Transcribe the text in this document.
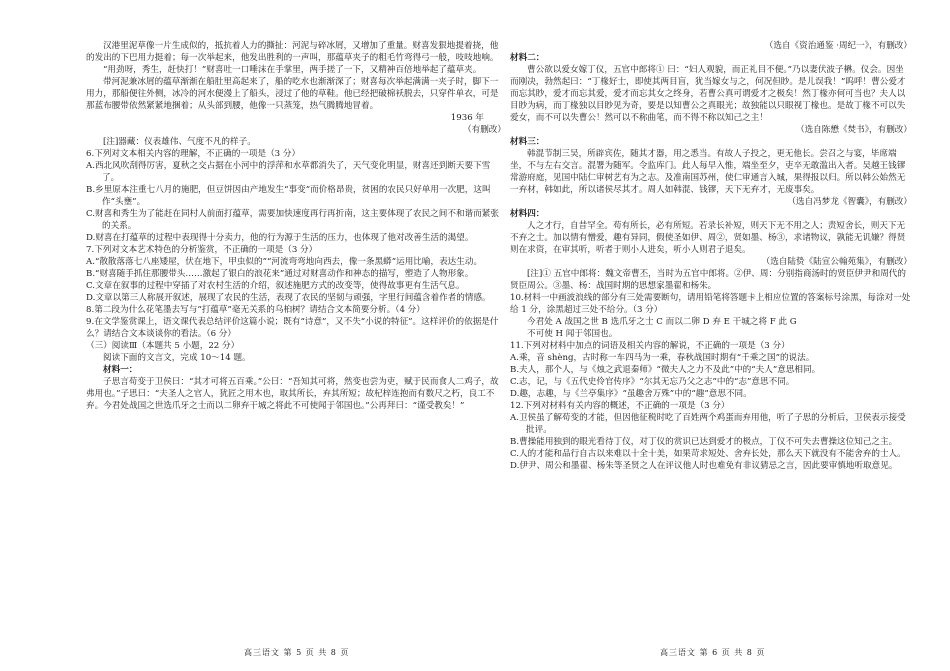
汉港里泥草像一片生成似的，抵抗着人力的撕扯：河泥与碎冰屑，又增加了重量。财喜发狠地提着挠，他的发出的下巴用力挺着；每一次举起来，他发出胜利的一声叫，那蕴草夹子的粗毛竹弯得弓一般，吱吱地响。

“用劲呀，秀生，赶快打！”财喜吐一口唾沫在手掌里，两手搓了一下，又精神百倍地举起了蕴草夹。

带河泥兼冰屑的蕴草渐渐在船肚里高起来了，船的吃水也渐渐深了；财喜每次举起满满一夹子时，脚下一用力，那船便往外侧，冰冷的河水便漫上了船头，浸过了他的草鞋。他已经把破棉袄脱去，只穿件单衣，可是那蓝布腰带依然紧紧地捆着；从头部到腰，他像一只蒸笼，热气腾腾地冒着。

1936 年

（有删改）

[注]器藏：仪表雄伟、气度不凡的样子。

6.下列对文本相关内容的理解，不正确的一项是（3 分）

A.西北风吹刮得厉害，夏秋之交占据在小河中的浮萍和水草都消失了，天气变化明显，财喜还到断天要下雪了。

B.乡里原本注重七八月的施肥，但豆饼因由产地发生“事变”而价格昂贵，贫困的农民只好单用一次肥，这叫作“头壅”。

C.财喜和秀生为了能赶在同村人前面打蕴草，需要加快速度再行再折南，这主要体现了农民之间不和谐而紧张的关系。

D.财喜在打蕴草的过程中表现得十分卖力，他的行为源于生活的压力，也体现了他对改善生活的渴望。

7.下列对文本艺术特色的分析鉴赏，不正确的一项是（3 分）

A.“散散落落七八座矮屋，伏在地下，甲虫似的”“河流弯弯地向西去，像一条黑蟒”运用比喻，表达生动。

B.“财喜随手抓住那腰带头……激起了银白的浪花来”通过对财喜动作和神态的描写，塑造了人物形象。

C.文章在叙事的过程中穿插了对农村生活的介绍，叙述施肥方式的改变等，使得故事更有生活气息。

D.文章以第三人称展开叙述，展现了农民的生活，表现了农民的坚韧与顽强，字里行间蕴含着作者的情感。

8.第二段为什么花笔墨去写与“打蕴草”毫无关系的乌桕树？请结合文本简要分析。（4 分）

9.在文学鉴赏课上，语文课代表总结评价这篇小说；既有“诗意”，又不失“小说的特征”。这样评价的依据是什么？请结合文本谈谈你的看法。（6 分）

（三）阅读Ⅲ（本题共 5 小题，22 分）

阅读下面的文言文，完成 10～14 题。

材料一：

子思言苟变于卫侯曰：“其才可将五百乘。”公曰：“吾知其可将，然变也尝为吏，赋于民而食人二鸡子，故弗用也。”子思曰：“夫圣人之官人，犹匠之用木也，取其所长，弃其所短；故杞梓连抱而有数尺之朽，良工不弃。今君处战国之世选爪牙之士而以二卵弃干城之将此不可使闻于邻国也。”公再拜曰：“谨受教矣！”

高三语文 第 5 页 共 8 页

（选自《资治通鉴 ·周纪一》，有删改）

材料二：

曹公欲以爱女嫁丁仪，五官中郎将① 曰：“妇人观貌，而正礼目不便。”乃以妻伏波子楙。仪会。因坐而刚决，勃然起曰：“丁椽好士，即使其两目盲，犹当嫁女与之，何况但眇。是儿误我！”呜呼！曹公爱才而忘其眇，爱才而忘其爱，爱才而忘其女之终身，若曹公真可谓爱才之极矣！然丁椽亦何可当也？夫人以目眇为病，而丁椽独以目眇见为奇，要是以知曹公之真眼光；故独能以只眼视丁椽也。是故丁椽不可以失爱女，而不可以失曹公！然可以不称曲笔，而不得不称以知己之主！

（选自陈懋《焚书》，有删改）

材料三：

韩混节制三吴，所辟宾佐，随其才器，用之悉当。有故人子投之，更无他长。尝召之与宴，毕席端坐，不与左右交言。混署为随军。令监库门。此人每早入惟，端坐至夕，吏卒无敢滥出入者。吴越王钱镠常游府庭，见国中陆仁审树艺有为之志。及准南国苏州，使仁审通言入城，果得报以归。所以韩公始然无一弃材，韩如此，所以诸侯尽其才。周人如韩混、钱镠，天下无弃才，无废事矣。

（选自冯梦龙《智囊》，有删改）

材料四：

人之才行，自昔罕全。苟有所长，必有所短。若录长补短，则天下无不用之人；责短舍长，则天下无不弃之士。加以情有憎爱，趣有异同，假使圣如伊、周②，贤如墨、杨③，求诸物议，孰能无讥嫌？得贤则在求资，在审其听，听者于则小人进矣，听小人则君子退矣。

（选自陆贽《陆宣公翰苑集》，有删改）

[注]① 五官中郎将：魏文帝曹丕，当时为五官中郎将。②伊、周：分别指商汤时的贤臣伊尹和周代的贤臣周公。③墨、杨：战国时期的思想家墨翟和杨朱。

10.材料一中画波浪线的部分有三处需要断句，请用铅笔将答题卡上相应位置的答案标号涂黑，每涂对一处给 1 分，涂黑超过三处不给分。（3 分）

今君处 A 战国之世 B 选爪牙之士 C 而以二卵 D 弃 E 干城之将 F 此 G

不可使 H 闻于邻国也。

11.下列对材料中加点的词语及相关内容的解说，不正确的一项是（3 分）

A.乘，音 shèng，古时称一车四马为一乘，春秋战国时期有“千乘之国”的说法。

B.夫人，那个人，与《烛之武退秦师》“微夫人之力不及此”中的“夫人”意思相同。

C.志，记，与《五代史伶官传序》“尔其无忘乃父之志”中的“志”意思不同。

D.趣，志趣，与《兰亭集序》“虽趣舍万殊”中的“趣”意思不同。

12.下列对材料有关内容的概述，不正确的一项是（3 分）

A.卫侯虽了解苟变的才能，但因他征税时吃了百姓两个鸡蛋而弃用他，听了子思的分析后，卫侯表示接受批评。

B.曹操能用独到的眼光看待丁仪，对丁仪的赏识已达到爱才的极点，丁仪不可失去曹操这位知己之主。

C.人的才能和品行自古以来难以十全十美，如果苛求短处、舍弃长处，那么天下就没有不能舍弃的士人。

D.伊尹、周公和墨翟、杨朱等圣贤之人在评议他人时也难免有非议猜忌之言，因此要审慎地听取意见。

高三语文 第 6 页 共 8 页
